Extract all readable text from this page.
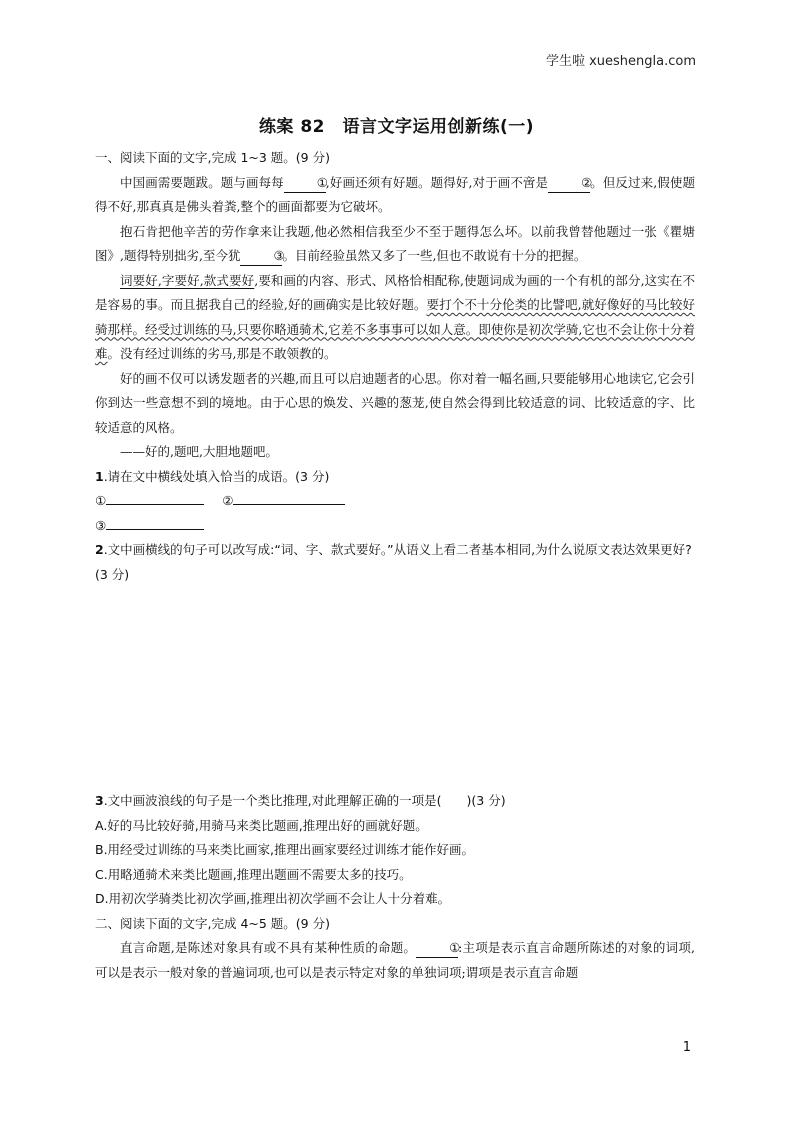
学生啦 xueshengla.com
练案 82　语言文字运用创新练(一)
一、阅读下面的文字,完成 1~3 题。(9 分)

中国画需要题跋。题与画每每	①,好画还须有好题。题得好,对于画不啻是	②。但反过来,假使题得不好,那真真是佛头着粪,整个的画面都要为它破坏。

抱石肯把他辛苦的劳作拿来让我题,他必然相信我至少不至于题得怎么坏。以前我曾替他题过一张《瞿塘图》,题得特别拙劣,至今犹	③。目前经验虽然又多了一些,但也不敢说有十分的把握。

词要好,字要好,款式要好,要和画的内容、形式、风格恰相配称,使题词成为画的一个有机的部分,这实在不是容易的事。而且据我自己的经验,好的画确实是比较好题。要打个不十分伦类的比譬吧,就好像好的马比较好骑那样。经受过训练的马,只要你略通骑术,它差不多事事可以如人意。即使你是初次学骑,它也不会让你十分着难。没有经过训练的劣马,那是不敢领教的。

好的画不仅可以诱发题者的兴趣,而且可以启迪题者的心思。你对着一幅名画,只要能够用心地读它,它会引你到达一些意想不到的境地。由于心思的焕发、兴趣的葱茏,使自然会得到比较适意的词、比较适意的字、比较适意的风格。

——好的,题吧,大胆地题吧。

1.请在文中横线处填入恰当的成语。(3 分)

①	②

③

2.文中画横线的句子可以改写成:“词、字、款式要好。”从语义上看二者基本相同,为什么说原文表达效果更好?(3 分)

3.文中画波浪线的句子是一个类比推理,对此理解正确的一项是(　　)(3 分)

A.好的马比较好骑,用骑马来类比题画,推理出好的画就好题。

B.用经受过训练的马来类比画家,推理出画家要经过训练才能作好画。

C.用略通骑术来类比题画,推理出题画不需要太多的技巧。

D.用初次学骑类比初次学画,推理出初次学画不会让人十分着难。

二、阅读下面的文字,完成 4~5 题。(9 分)

直言命题,是陈述对象具有或不具有某种性质的命题。	①:主项是表示直言命题所陈述的对象的词项,可以是表示一般对象的普遍词项,也可以是表示特定对象的单独词项;谓项是表示直言命题

1
